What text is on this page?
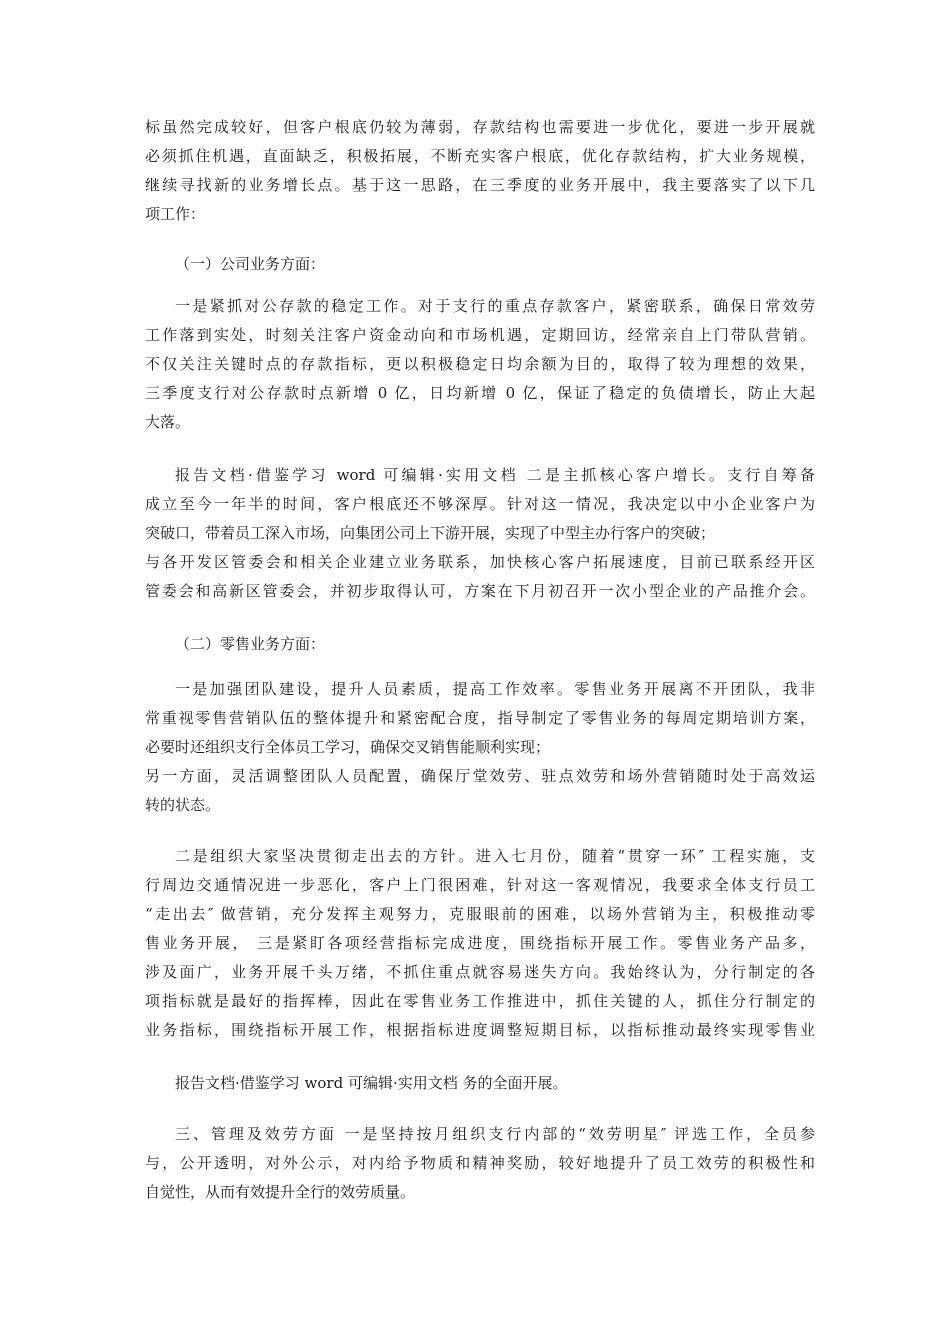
标虽然完成较好，但客户根底仍较为薄弱，存款结构也需要进一步优化，要进一步开展就
必须抓住机遇，直面缺乏，积极拓展，不断充实客户根底，优化存款结构，扩大业务规模，
继续寻找新的业务增长点。基于这一思路，在三季度的业务开展中，我主要落实了以下几
项工作：
（一）公司业务方面：
一是紧抓对公存款的稳定工作。对于支行的重点存款客户，紧密联系，确保日常效劳
工作落到实处，时刻关注客户资金动向和市场机遇，定期回访，经常亲自上门带队营销。
不仅关注关键时点的存款指标，更以积极稳定日均余额为目的，取得了较为理想的效果，
三季度支行对公存款时点新增 0 亿，日均新增 0 亿，保证了稳定的负债增长，防止大起
大落。
报告文档·借鉴学习 word 可编辑·实用文档 二是主抓核心客户增长。支行自筹备
成立至今一年半的时间，客户根底还不够深厚。针对这一情况，我决定以中小企业客户为
突破口，带着员工深入市场，向集团公司上下游开展，实现了中型主办行客户的突破；
与各开发区管委会和相关企业建立业务联系，加快核心客户拓展速度，目前已联系经开区
管委会和高新区管委会，并初步取得认可，方案在下月初召开一次小型企业的产品推介会。
（二）零售业务方面：
一是加强团队建设，提升人员素质，提高工作效率。零售业务开展离不开团队，我非
常重视零售营销队伍的整体提升和紧密配合度，指导制定了零售业务的每周定期培训方案，
必要时还组织支行全体员工学习，确保交叉销售能顺利实现；
另一方面，灵活调整团队人员配置，确保厅堂效劳、驻点效劳和场外营销随时处于高效运
转的状态。
二是组织大家坚决贯彻走出去的方针。进入七月份，随着“贯穿一环″ 工程实施，支
行周边交通情况进一步恶化，客户上门很困难，针对这一客观情况，我要求全体支行员工
“走出去″ 做营销，充分发挥主观努力，克服眼前的困难，以场外营销为主，积极推动零
售业务开展， 三是紧盯各项经营指标完成进度，围绕指标开展工作。零售业务产品多，
涉及面广，业务开展千头万绪，不抓住重点就容易迷失方向。我始终认为，分行制定的各
项指标就是最好的指挥棒，因此在零售业务工作推进中，抓住关键的人，抓住分行制定的
业务指标，围绕指标开展工作，根据指标进度调整短期目标，以指标推动最终实现零售业
报告文档·借鉴学习 word 可编辑·实用文档 务的全面开展。
三、管理及效劳方面 一是坚持按月组织支行内部的“效劳明星″ 评选工作，全员参
与，公开透明，对外公示，对内给予物质和精神奖励，较好地提升了员工效劳的积极性和
自觉性，从而有效提升全行的效劳质量。
